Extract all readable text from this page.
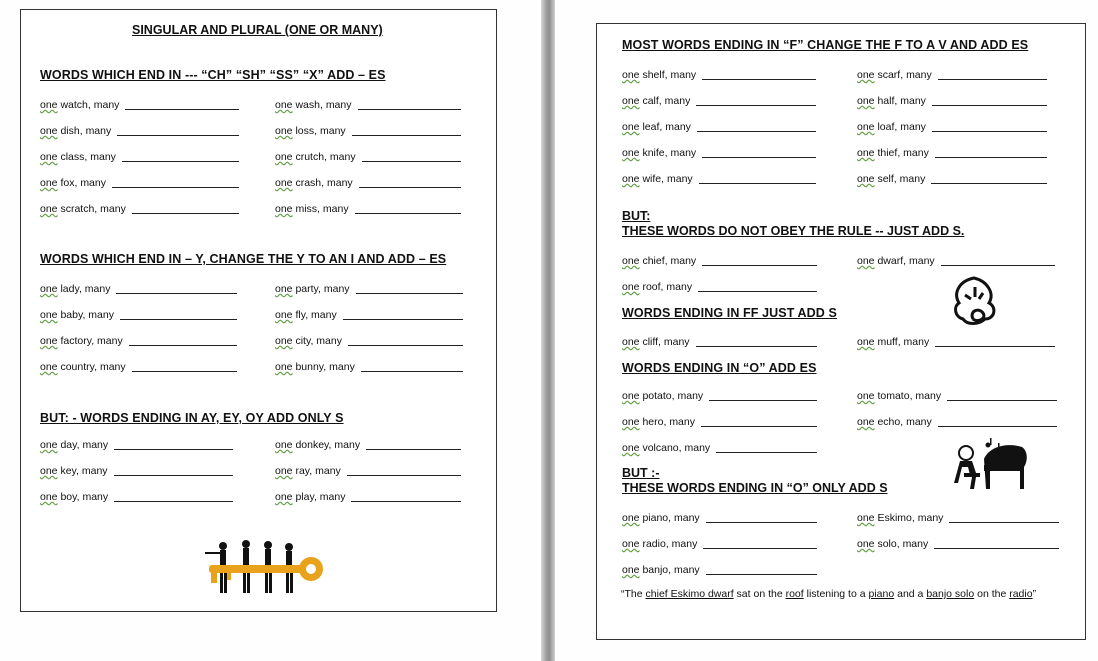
SINGULAR AND PLURAL (ONE OR MANY)
WORDS WHICH END IN --- “CH” “SH” “SS” “X” ADD – ES
one watch, many	one wash, many
one dish, many	one loss, many
one class, many	one crutch, many
one fox, many	one crash, many
one scratch, many	one miss, many
WORDS WHICH END IN – Y, CHANGE THE Y TO AN I AND ADD – ES
one lady, many	one party, many
one baby, many	one fly, many
one factory, many	one city, many
one country, many	one bunny, many
BUT: - WORDS ENDING IN AY, EY, OY ADD ONLY S
one day, many	one donkey, many
one key, many	one ray, many
one boy, many	one play, many
MOST WORDS ENDING IN “F” CHANGE THE F TO A V AND ADD ES
one shelf, many	one scarf, many
one calf, many	one half, many
one leaf, many	one loaf, many
one knife, many	one thief, many
one wife, many	one self, many
BUT:
THESE WORDS DO NOT OBEY THE RULE -- JUST ADD S.
one chief, many	one dwarf, many
one roof, many
WORDS ENDING IN FF JUST ADD S
one cliff, many	one muff, many
WORDS ENDING IN “O” ADD ES
one potato, many	one tomato, many
one hero, many	one echo, many
one volcano, many
BUT :-
THESE WORDS ENDING IN “O” ONLY ADD S
one piano, many	one Eskimo, many
one radio, many	one solo, many
one banjo, many
“The chief Eskimo dwarf sat on the roof listening to a piano and a banjo solo on the radio”
